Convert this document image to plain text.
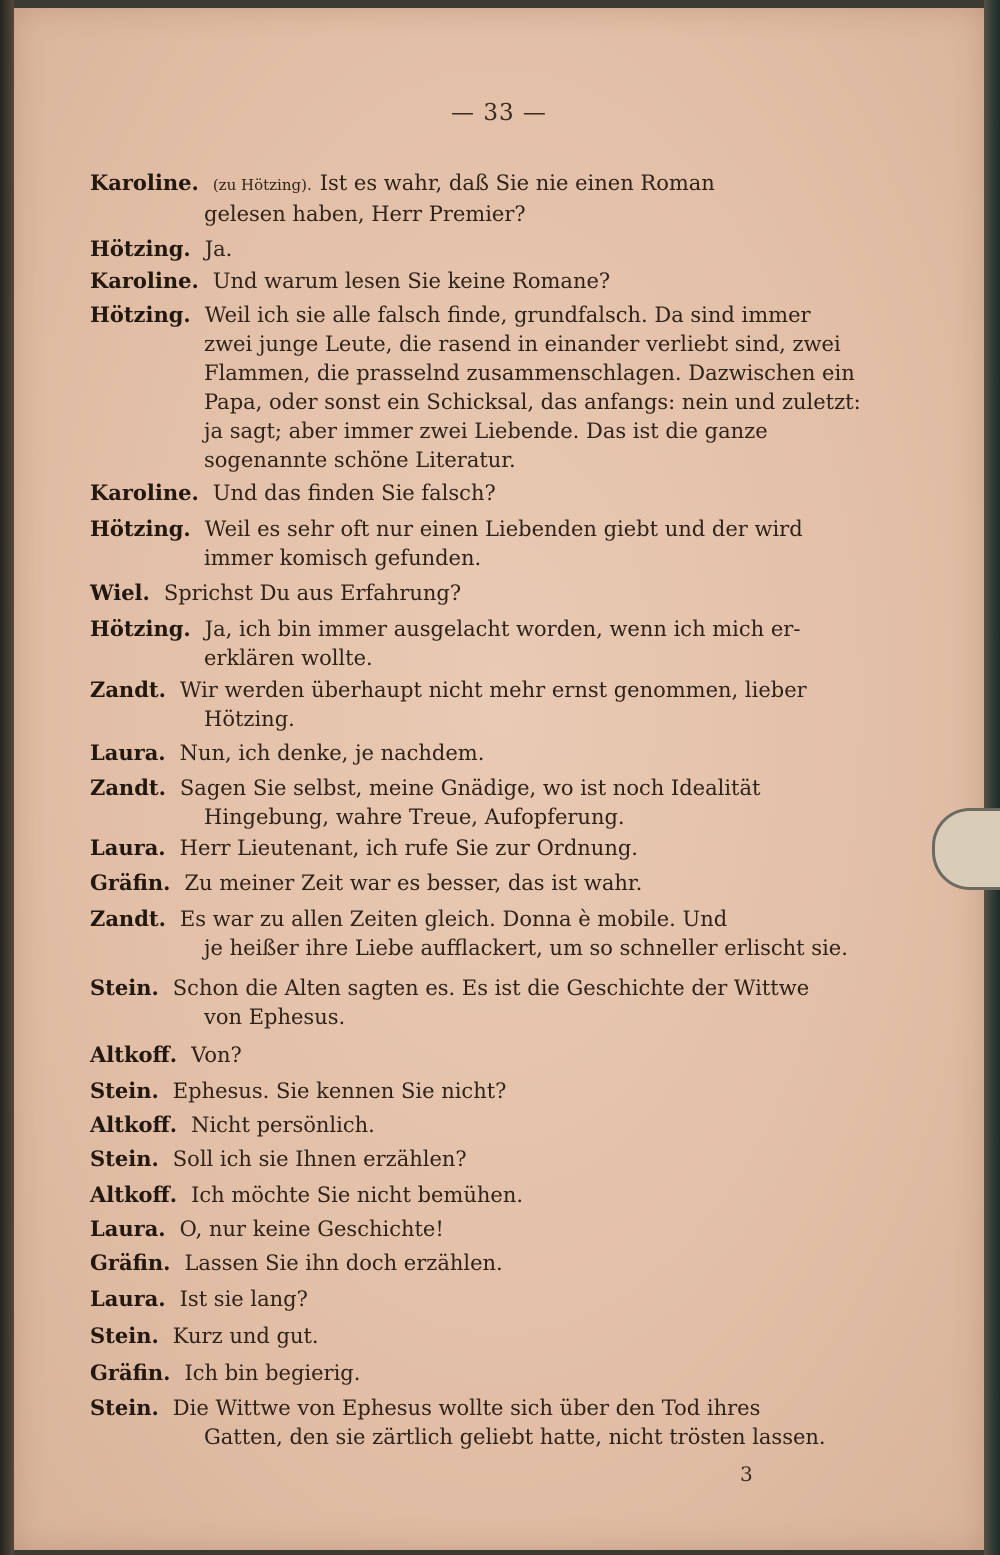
— 33 —
Karoline. (zu Hötzing). Ist es wahr, daß Sie nie einen Roman
gelesen haben, Herr Premier?
Hötzing. Ja.
Karoline. Und warum lesen Sie keine Romane?
Hötzing. Weil ich sie alle falsch finde, grundfalsch. Da sind immer
zwei junge Leute, die rasend in einander verliebt sind, zwei Flammen, die prasselnd zusammenschlagen. Dazwischen ein Papa, oder sonst ein Schicksal, das anfangs: nein und zuletzt: ja sagt; aber immer zwei Liebende. Das ist die ganze sogenannte schöne Literatur.
Karoline. Und das finden Sie falsch?
Hötzing. Weil es sehr oft nur einen Liebenden giebt und der wird
immer komisch gefunden.
Wiel. Sprichst Du aus Erfahrung?
Hötzing. Ja, ich bin immer ausgelacht worden, wenn ich mich er-
erklären wollte.
Zandt. Wir werden überhaupt nicht mehr ernst genommen, lieber
Hötzing.
Laura. Nun, ich denke, je nachdem.
Zandt. Sagen Sie selbst, meine Gnädige, wo ist noch Idealität
Hingebung, wahre Treue, Aufopferung.
Laura. Herr Lieutenant, ich rufe Sie zur Ordnung.
Gräfin. Zu meiner Zeit war es besser, das ist wahr.
Zandt. Es war zu allen Zeiten gleich. Donna è mobile. Und
je heißer ihre Liebe aufflackert, um so schneller erlischt sie.
Stein. Schon die Alten sagten es. Es ist die Geschichte der Wittwe
von Ephesus.
Altkoff. Von?
Stein. Ephesus. Sie kennen Sie nicht?
Altkoff. Nicht persönlich.
Stein. Soll ich sie Ihnen erzählen?
Altkoff. Ich möchte Sie nicht bemühen.
Laura. O, nur keine Geschichte!
Gräfin. Lassen Sie ihn doch erzählen.
Laura. Ist sie lang?
Stein. Kurz und gut.
Gräfin. Ich bin begierig.
Stein. Die Wittwe von Ephesus wollte sich über den Tod ihres
Gatten, den sie zärtlich geliebt hatte, nicht trösten lassen.
3
